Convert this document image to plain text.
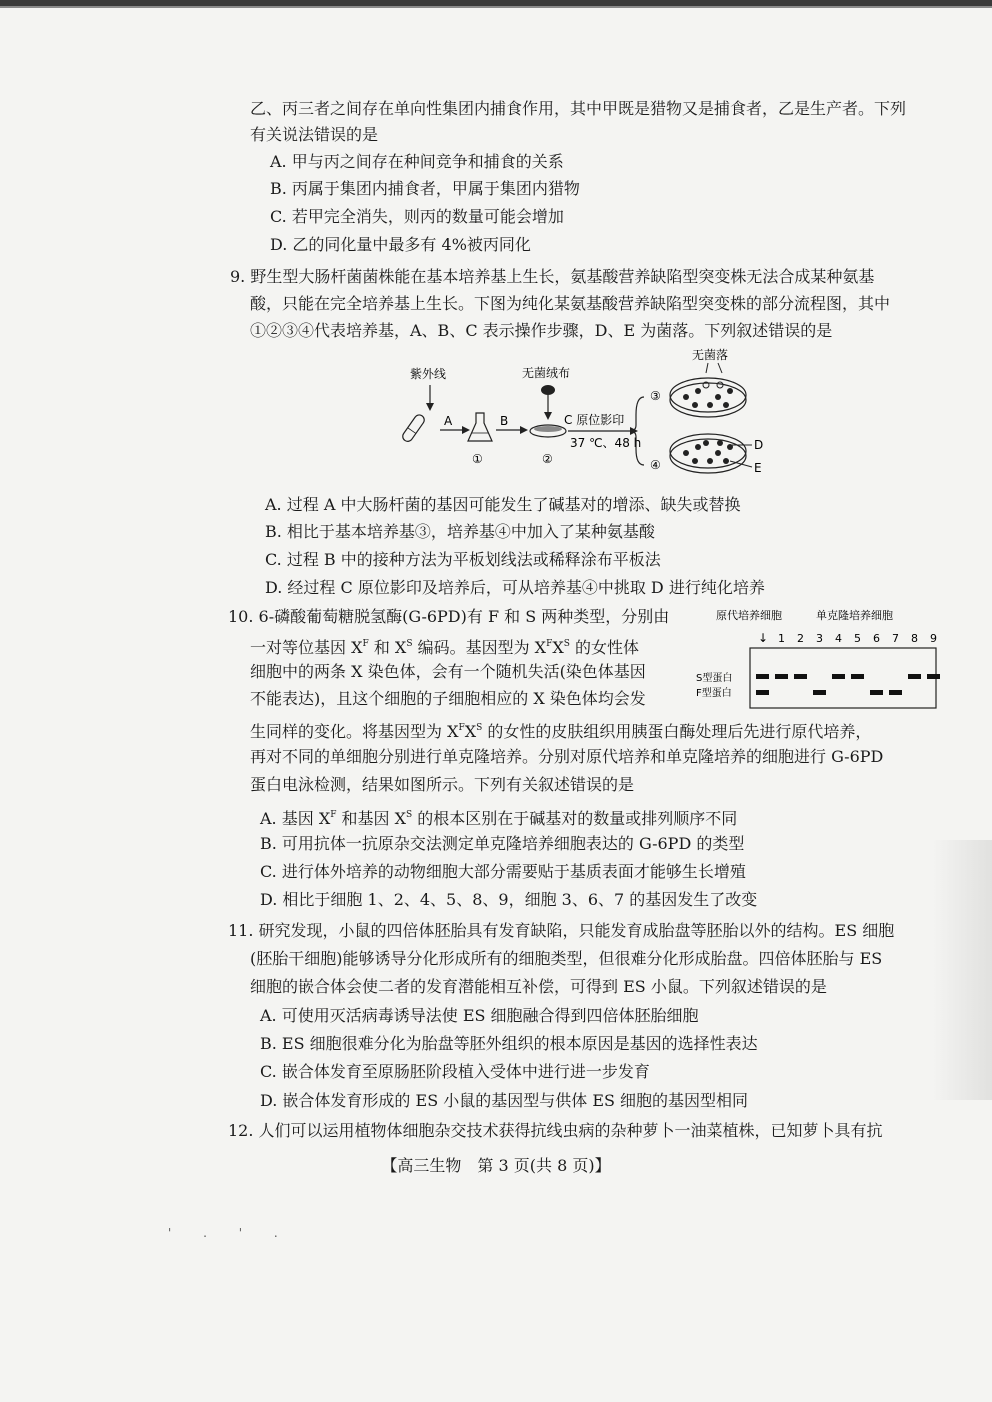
乙、丙三者之间存在单向性集团内捕食作用，其中甲既是猎物又是捕食者，乙是生产者。下列
有关说法错误的是
A. 甲与丙之间存在种间竞争和捕食的关系
B. 丙属于集团内捕食者，甲属于集团内猎物
C. 若甲完全消失，则丙的数量可能会增加
D. 乙的同化量中最多有 4%被丙同化
9. 野生型大肠杆菌菌株能在基本培养基上生长，氨基酸营养缺陷型突变株无法合成某种氨基
酸，只能在完全培养基上生长。下图为纯化某氨基酸营养缺陷型突变株的部分流程图，其中
①②③④代表培养基，A、B、C 表示操作步骤，D、E 为菌落。下列叙述错误的是
紫外线
A
①
B
无菌绒布
②
C 原位影印
37 ℃、48 h
③
无菌落
④
D
E
A. 过程 A 中大肠杆菌的基因可能发生了碱基对的增添、缺失或替换
B. 相比于基本培养基③，培养基④中加入了某种氨基酸
C. 过程 B 中的接种方法为平板划线法或稀释涂布平板法
D. 经过程 C 原位影印及培养后，可从培养基④中挑取 D 进行纯化培养
10. 6-磷酸葡萄糖脱氢酶(G-6PD)有 F 和 S 两种类型，分别由
一对等位基因 $X^F$ 和 $X^S$ 编码。基因型为 $X^FX^S$ 的女性体
细胞中的两条 X 染色体，会有一个随机失活(染色体基因
不能表达)，且这个细胞的子细胞相应的 X 染色体均会发
生同样的变化。将基因型为 $X^FX^S$ 的女性的皮肤组织用胰蛋白酶处理后先进行原代培养，
再对不同的单细胞分别进行单克隆培养。分别对原代培养和单克隆培养的细胞进行 G-6PD
蛋白电泳检测，结果如图所示。下列有关叙述错误的是
原代培养细胞	单克隆培养细胞
↓ 1 2 3 4 5 6 7 8 9
S型蛋白
F型蛋白
A. 基因 $X^F$ 和基因 $X^S$ 的根本区别在于碱基对的数量或排列顺序不同
B. 可用抗体一抗原杂交法测定单克隆培养细胞表达的 G-6PD 的类型
C. 进行体外培养的动物细胞大部分需要贴于基质表面才能够生长增殖
D. 相比于细胞 1、2、4、5、8、9，细胞 3、6、7 的基因发生了改变
11. 研究发现，小鼠的四倍体胚胎具有发育缺陷，只能发育成胎盘等胚胎以外的结构。ES 细胞
(胚胎干细胞)能够诱导分化形成所有的细胞类型，但很难分化形成胎盘。四倍体胚胎与 ES
细胞的嵌合体会使二者的发育潜能相互补偿，可得到 ES 小鼠。下列叙述错误的是
A. 可使用灭活病毒诱导法使 ES 细胞融合得到四倍体胚胎细胞
B. ES 细胞很难分化为胎盘等胚外组织的根本原因是基因的选择性表达
C. 嵌合体发育至原肠胚阶段植入受体中进行进一步发育
D. 嵌合体发育形成的 ES 小鼠的基因型与供体 ES 细胞的基因型相同
12. 人们可以运用植物体细胞杂交技术获得抗线虫病的杂种萝卜一油菜植株，已知萝卜具有抗
【高三生物　第 3 页(共 8 页)】
' . ' .
